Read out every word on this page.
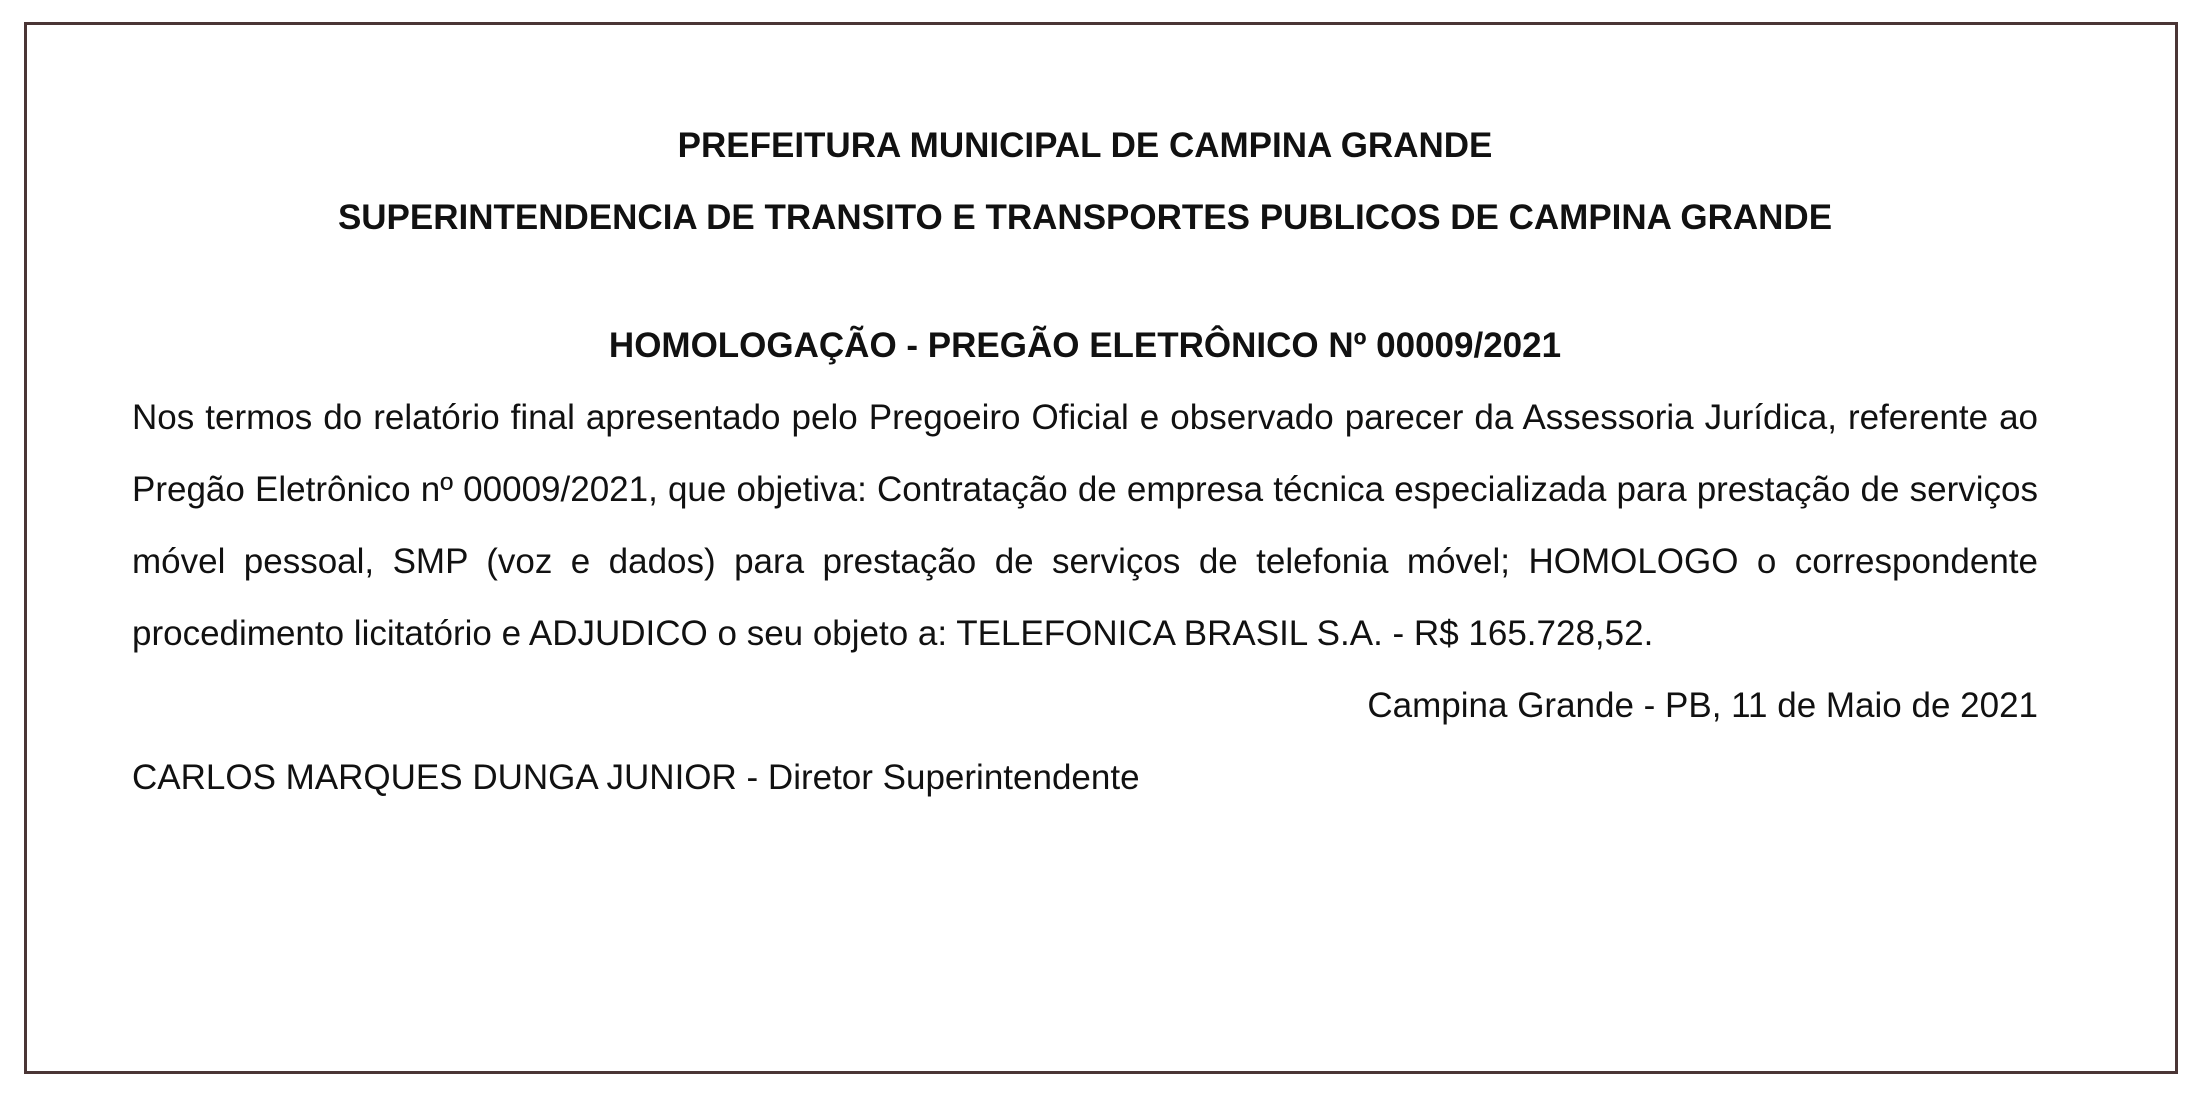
PREFEITURA MUNICIPAL DE CAMPINA GRANDE

SUPERINTENDENCIA DE TRANSITO E TRANSPORTES PUBLICOS DE CAMPINA GRANDE

HOMOLOGAÇÃO - PREGÃO ELETRÔNICO Nº 00009/2021

Nos termos do relatório final apresentado pelo Pregoeiro Oficial e observado parecer da Assessoria Jurídica, referente ao Pregão Eletrônico nº 00009/2021, que objetiva: Contratação de empresa técnica especializada para prestação de serviços móvel pessoal, SMP (voz e dados) para prestação de serviços de telefonia móvel; HOMOLOGO o correspondente procedimento licitatório e ADJUDICO o seu objeto a: TELEFONICA BRASIL S.A. - R$ 165.728,52.

Campina Grande - PB, 11 de Maio de 2021

CARLOS MARQUES DUNGA JUNIOR - Diretor Superintendente
